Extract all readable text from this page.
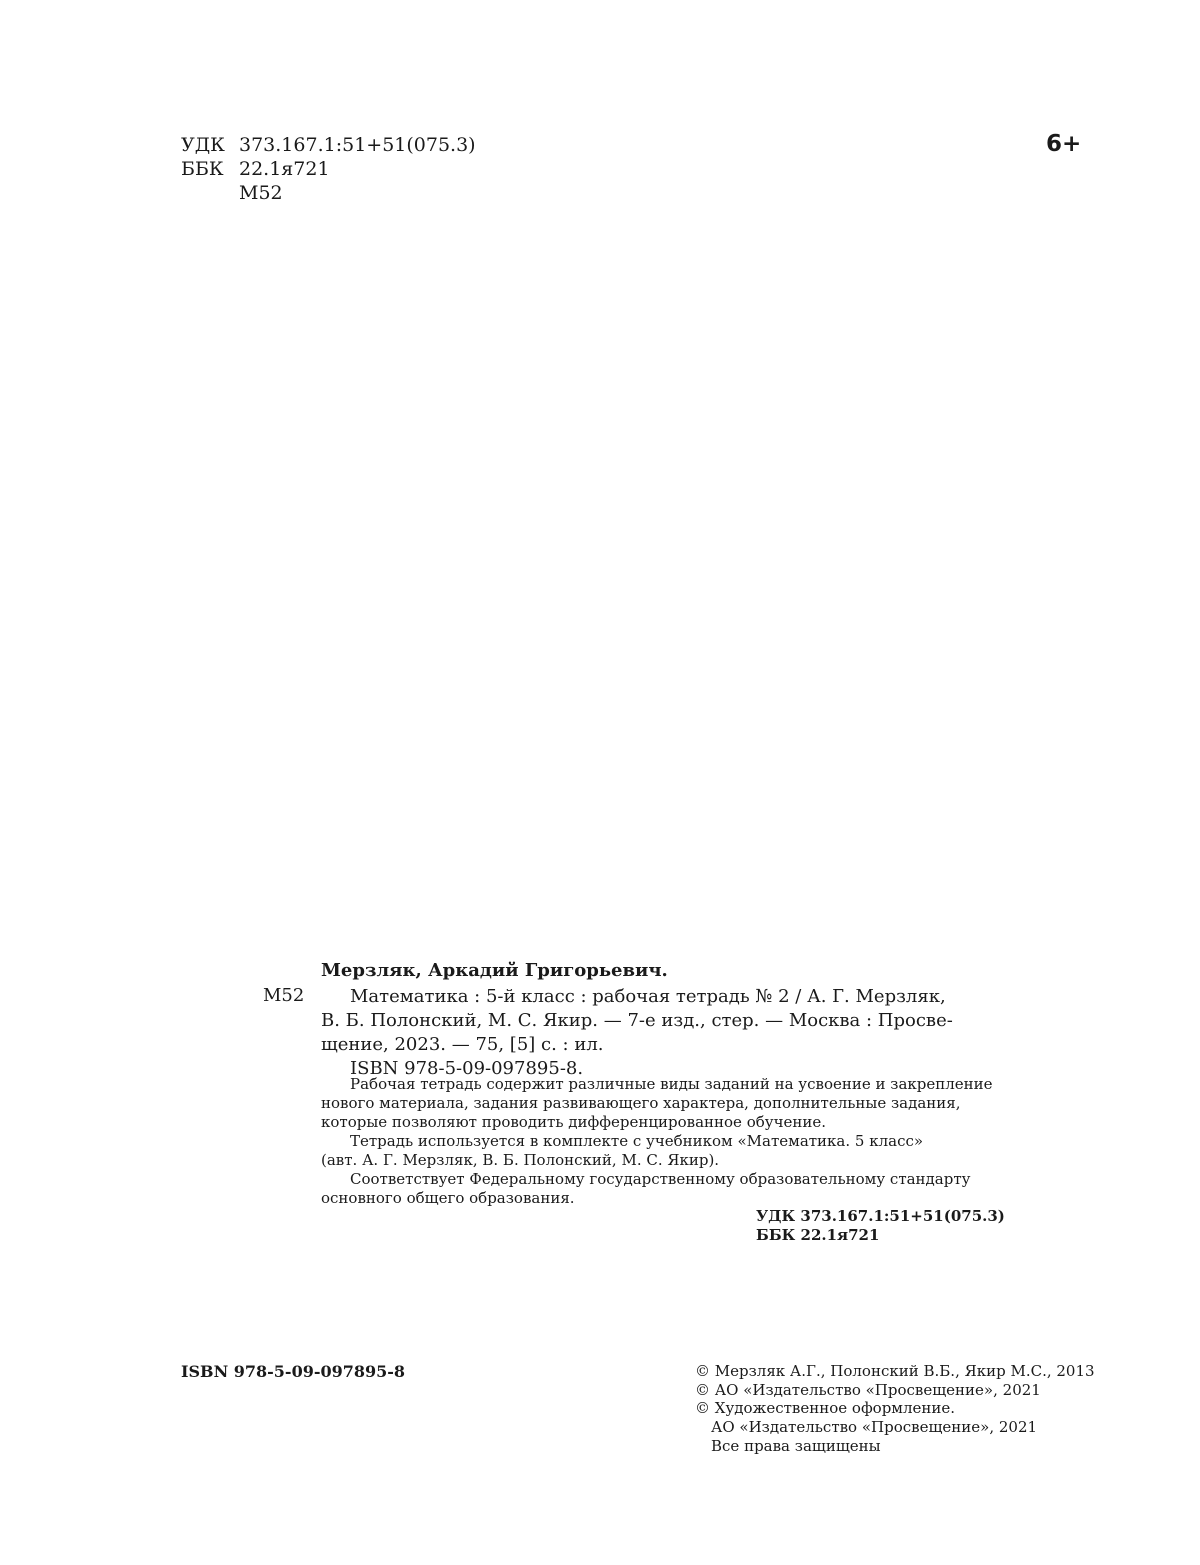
УДК 373.167.1:51+51(075.3)
ББК 22.1я721
М52
6+
Мерзляк, Аркадий Григорьевич.
М52	Математика : 5-й класс : рабочая тетрадь № 2 / А. Г. Мерзляк,
В. Б. Полонский, М. С. Якир. — 7-е изд., стер. — Москва : Просве-
щение, 2023. — 75, [5] с. : ил.
ISBN 978-5-09-097895-8.
Рабочая тетрадь содержит различные виды заданий на усвоение и закрепление
нового материала, задания развивающего характера, дополнительные задания,
которые позволяют проводить дифференцированное обучение.
Тетрадь используется в комплекте с учебником «Математика. 5 класс»
(авт. А. Г. Мерзляк, В. Б. Полонский, М. С. Якир).
Соответствует Федеральному государственному образовательному стандарту
основного общего образования.
УДК 373.167.1:51+51(075.3)
ББК 22.1я721
ISBN 978-5-09-097895-8	© Мерзляк А.Г., Полонский В.Б., Якир М.С., 2013
© АО «Издательство «Просвещение», 2021
© Художественное оформление.
АО «Издательство «Просвещение», 2021
Все права защищены
